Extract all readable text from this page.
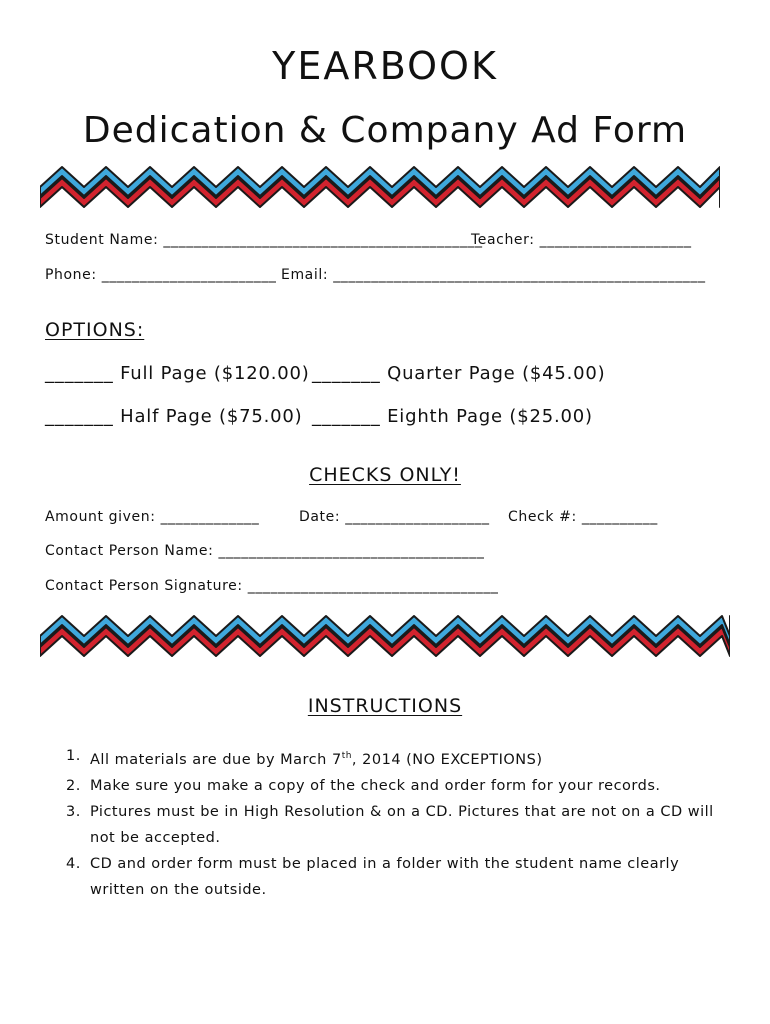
YEARBOOK
Dedication & Company Ad Form
Student Name: __________________________________________
Teacher: ____________________
Phone: _______________________ Email: _________________________________________________
OPTIONS:
_______ Full Page ($120.00) _______ Quarter Page ($45.00)
_______ Half Page ($75.00) _______ Eighth Page ($25.00)
CHECKS ONLY!
Amount given: _____________	Date: ___________________ Check #: __________
Contact Person Name: ___________________________________
Contact Person Signature: _________________________________
INSTRUCTIONS
1. All materials are due by March 7th, 2014 (NO EXCEPTIONS)
2. Make sure you make a copy of the check and order form for your records.
3. Pictures must be in High Resolution & on a CD. Pictures that are not on a CD will not be accepted.
4. CD and order form must be placed in a folder with the student name clearly written on the outside.
